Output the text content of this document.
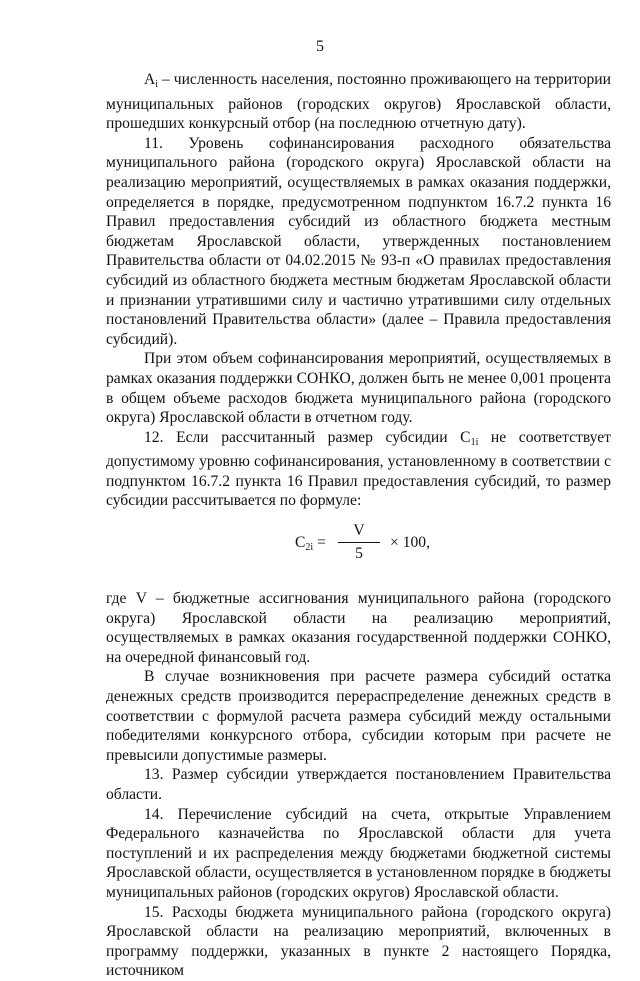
5

$A_i$ – численность населения, постоянно проживающего на территории муниципальных районов (городских округов) Ярославской области, прошедших конкурсный отбор (на последнюю отчетную дату).

11. Уровень софинансирования расходного обязательства муниципального района (городского округа) Ярославской области на реализацию мероприятий, осуществляемых в рамках оказания поддержки, определяется в порядке, предусмотренном подпунктом 16.7.2 пункта 16 Правил предоставления субсидий из областного бюджета местным бюджетам Ярославской области, утвержденных постановлением Правительства области от 04.02.2015 № 93-п «О правилах предоставления субсидий из областного бюджета местным бюджетам Ярославской области и признании утратившими силу и частично утратившими силу отдельных постановлений Правительства области» (далее – Правила предоставления субсидий).

При этом объем софинансирования мероприятий, осуществляемых в рамках оказания поддержки СОНКО, должен быть не менее 0,001 процента в общем объеме расходов бюджета муниципального района (городского округа) Ярославской области в отчетном году.

12. Если рассчитанный размер субсидии $С_{1i}$ не соответствует допустимому уровню софинансирования, установленному в соответствии с подпунктом 16.7.2 пункта 16 Правил предоставления субсидий, то размер субсидии рассчитывается по формуле:

$С_{2i} = \frac{V}{5} \times 100$,

где V – бюджетные ассигнования муниципального района (городского округа) Ярославской области на реализацию мероприятий, осуществляемых в рамках оказания государственной поддержки СОНКО, на очередной финансовый год.

В случае возникновения при расчете размера субсидий остатка денежных средств производится перераспределение денежных средств в соответствии с формулой расчета размера субсидий между остальными победителями конкурсного отбора, субсидии которым при расчете не превысили допустимые размеры.

13. Размер субсидии утверждается постановлением Правительства области.

14. Перечисление субсидий на счета, открытые Управлением Федерального казначейства по Ярославской области для учета поступлений и их распределения между бюджетами бюджетной системы Ярославской области, осуществляется в установленном порядке в бюджеты муниципальных районов (городских округов) Ярославской области.

15. Расходы бюджета муниципального района (городского округа) Ярославской области на реализацию мероприятий, включенных в программу поддержки, указанных в пункте 2 настоящего Порядка, источником
